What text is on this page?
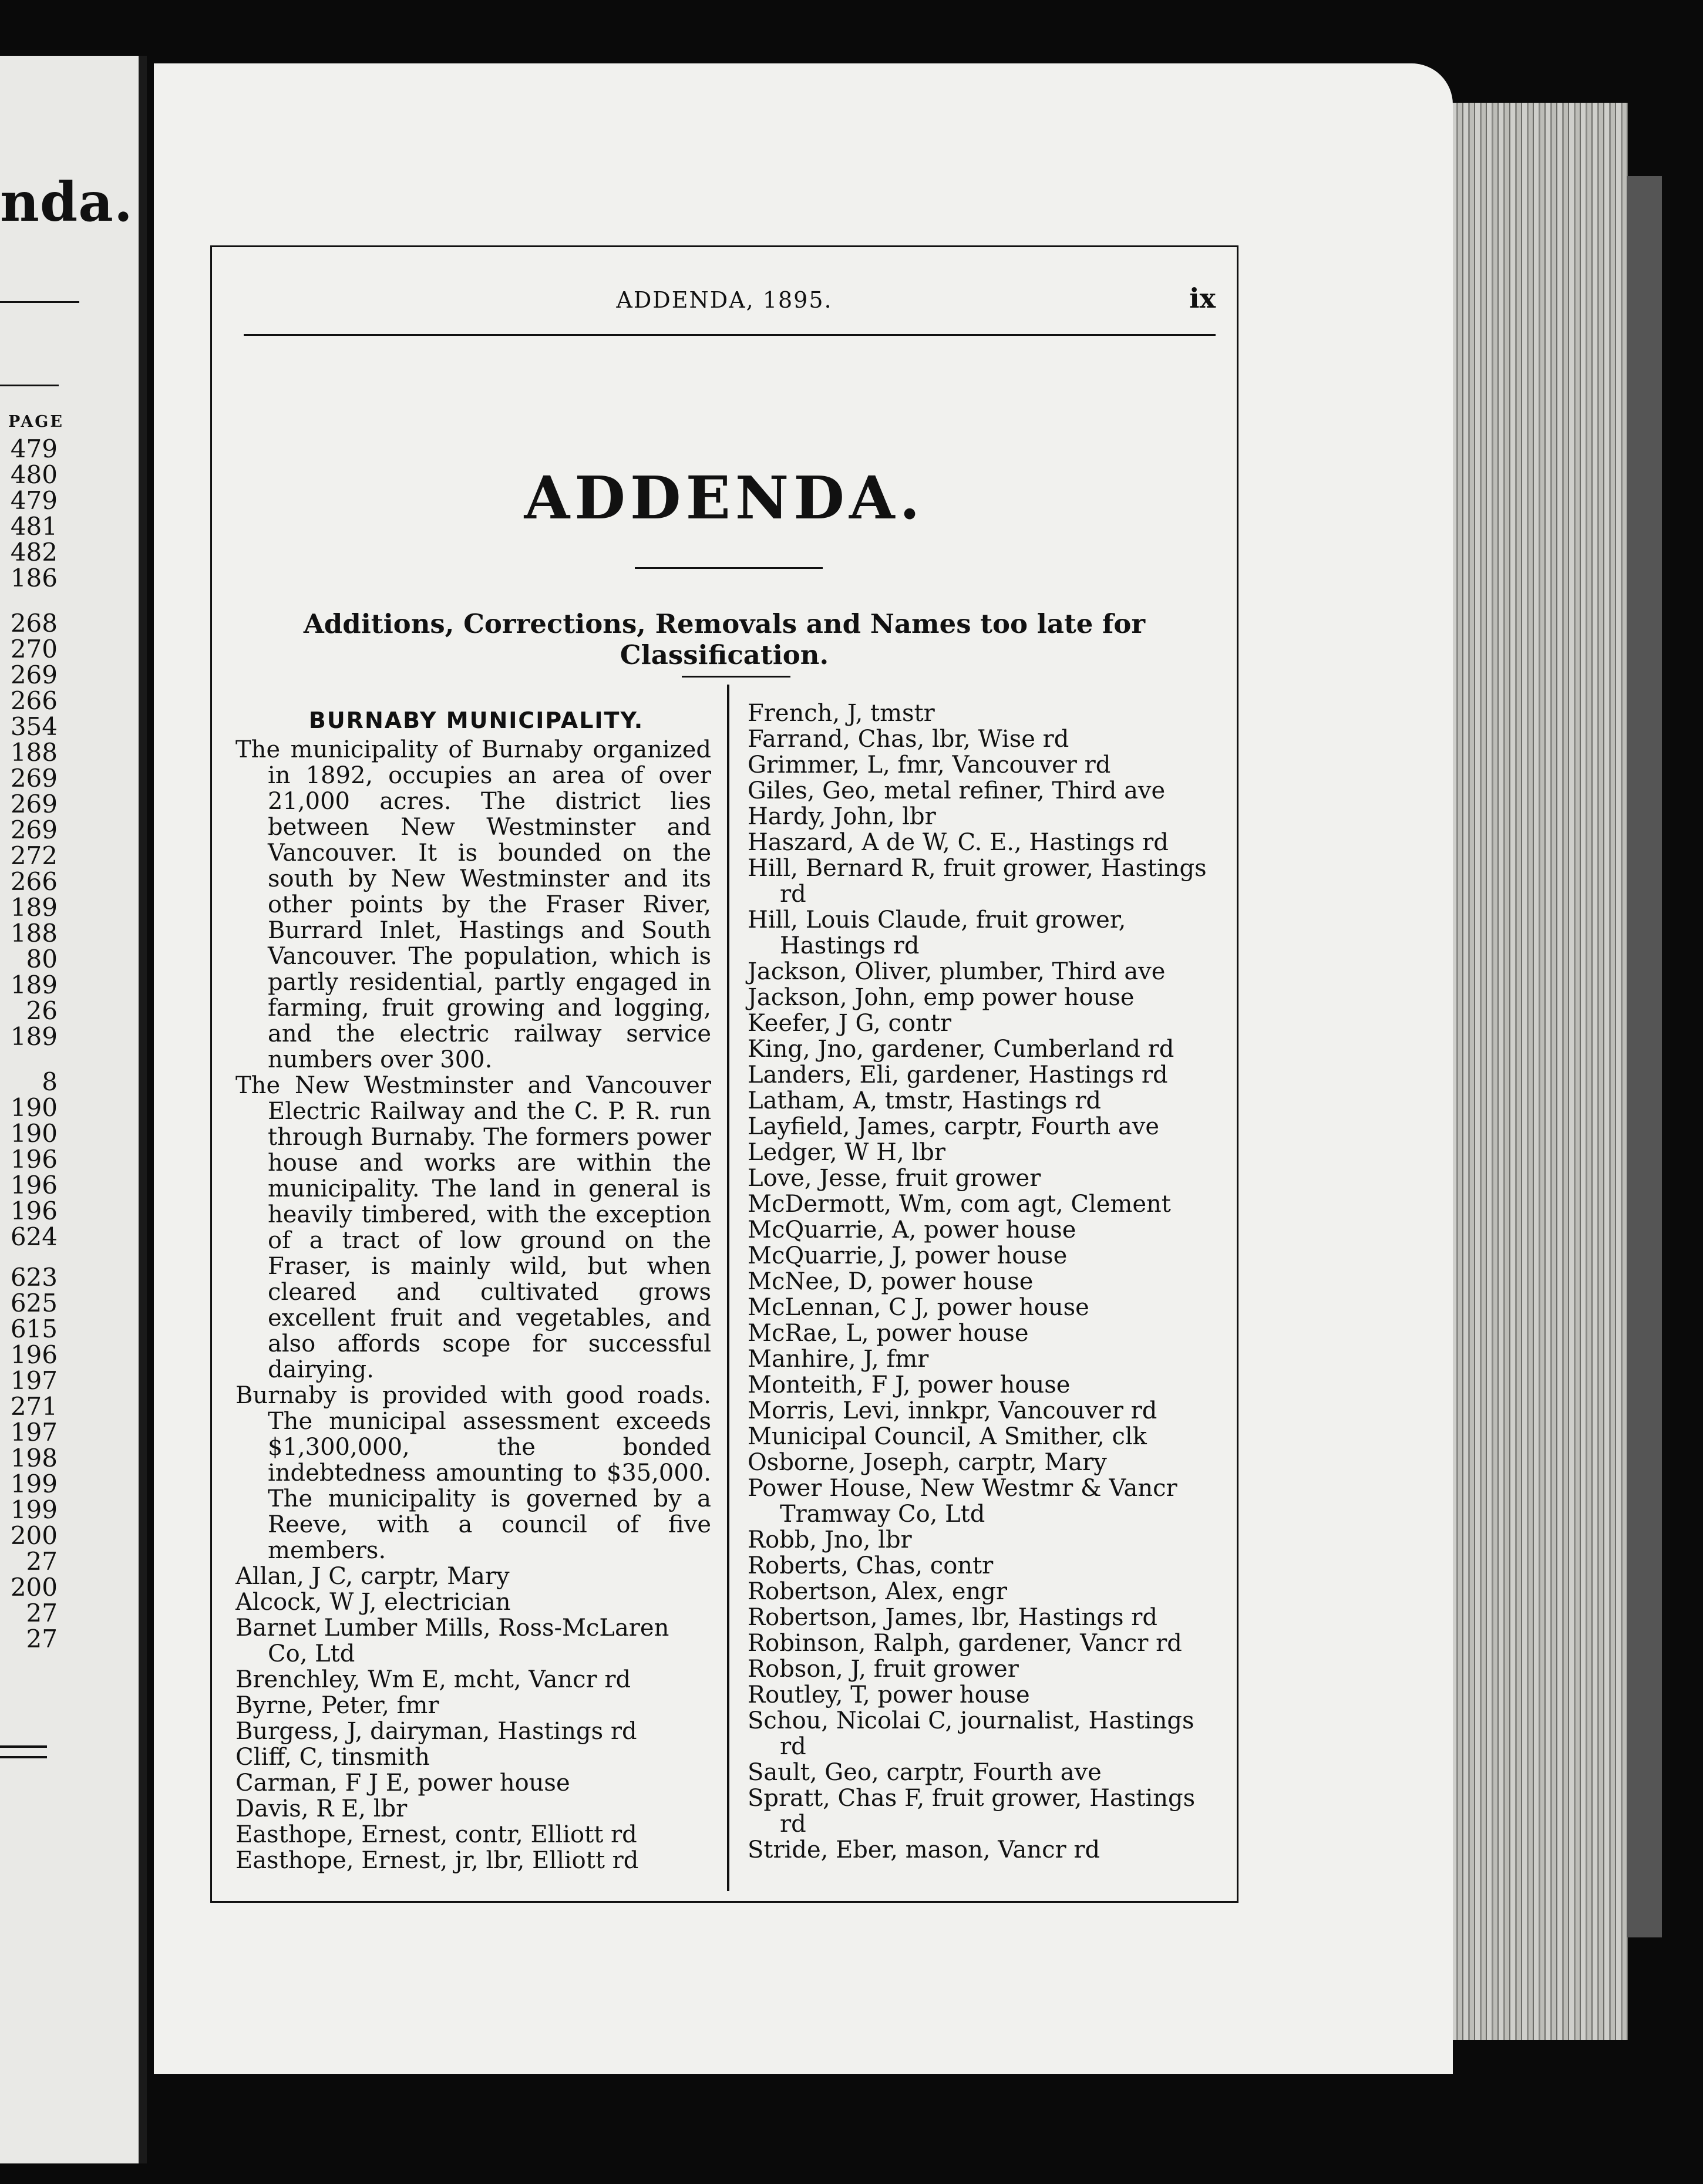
nda.
PAGE
479
480
479
481
482
186
268
270
269
266
354
188
269
269
269
272
266
189
188
80
189
26
189
8
190
190
196
196
196
624
623
625
615
196
197
271
197
198
199
199
200
27
200
27
27
ADDENDA, 1895.	ix
ADDENDA.
Additions, Corrections, Removals and Names too late for Classification.
BURNABY MUNICIPALITY.
The municipality of Burnaby organized in 1892, occupies an area of over 21,000 acres. The district lies between New Westminster and Vancouver. It is bounded on the south by New Westminster and its other points by the Fraser River, Burrard Inlet, Hastings and South Vancouver. The population, which is partly residential, partly engaged in farming, fruit growing and logging, and the electric railway service numbers over 300.
The New Westminster and Vancouver Electric Railway and the C. P. R. run through Burnaby. The formers power house and works are within the municipality. The land in general is heavily timbered, with the exception of a tract of low ground on the Fraser, is mainly wild, but when cleared and cultivated grows excellent fruit and vegetables, and also affords scope for successful dairying.
Burnaby is provided with good roads. The municipal assessment exceeds $1,300,000, the bonded indebtedness amounting to $35,000. The municipality is governed by a Reeve, with a council of five members.
Allan, J C, carptr, Mary
Alcock, W J, electrician
Barnet Lumber Mills, Ross-McLaren Co, Ltd
Brenchley, Wm E, mcht, Vancr rd
Byrne, Peter, fmr
Burgess, J, dairyman, Hastings rd
Cliff, C, tinsmith
Carman, F J E, power house
Davis, R E, lbr
Easthope, Ernest, contr, Elliott rd
Easthope, Ernest, jr, lbr, Elliott rd
French, J, tmstr
Farrand, Chas, lbr, Wise rd
Grimmer, L, fmr, Vancouver rd
Giles, Geo, metal refiner, Third ave
Hardy, John, lbr
Haszard, A de W, C. E., Hastings rd
Hill, Bernard R, fruit grower, Hastings rd
Hill, Louis Claude, fruit grower, Hastings rd
Jackson, Oliver, plumber, Third ave
Jackson, John, emp power house
Keefer, J G, contr
King, Jno, gardener, Cumberland rd
Landers, Eli, gardener, Hastings rd
Latham, A, tmstr, Hastings rd
Layfield, James, carptr, Fourth ave
Ledger, W H, lbr
Love, Jesse, fruit grower
McDermott, Wm, com agt, Clement
McQuarrie, A, power house
McQuarrie, J, power house
McNee, D, power house
McLennan, C J, power house
McRae, L, power house
Manhire, J, fmr
Monteith, F J, power house
Morris, Levi, innkpr, Vancouver rd
Municipal Council, A Smither, clk
Osborne, Joseph, carptr, Mary
Power House, New Westmr & Vancr Tramway Co, Ltd
Robb, Jno, lbr
Roberts, Chas, contr
Robertson, Alex, engr
Robertson, James, lbr, Hastings rd
Robinson, Ralph, gardener, Vancr rd
Robson, J, fruit grower
Routley, T, power house
Schou, Nicolai C, journalist, Hastings rd
Sault, Geo, carptr, Fourth ave
Spratt, Chas F, fruit grower, Hastings rd
Stride, Eber, mason, Vancr rd
